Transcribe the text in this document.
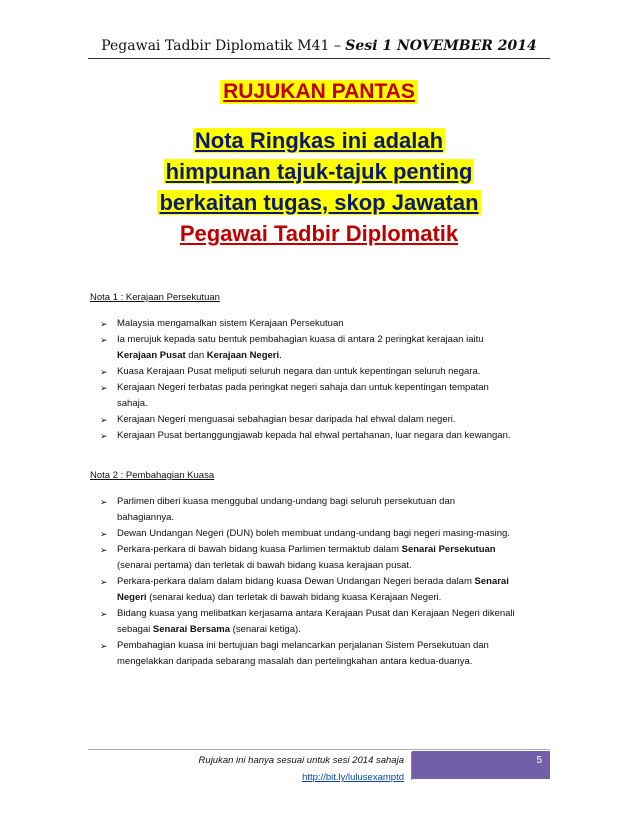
Pegawai Tadbir Diplomatik M41 – Sesi 1 NOVEMBER 2014
RUJUKAN PANTAS
Nota Ringkas ini adalah
himpunan tajuk-tajuk penting
berkaitan tugas, skop Jawatan
Pegawai Tadbir Diplomatik
Nota 1 : Kerajaan Persekutuan
➢ Malaysia mengamalkan sistem Kerajaan Persekutuan
➢ Ia merujuk kepada satu bentuk pembahagian kuasa di antara 2 peringkat kerajaan iaitu
Kerajaan Pusat dan Kerajaan Negeri.
➢ Kuasa Kerajaan Pusat meliputi seluruh negara dan untuk kepentingan seluruh negara.
➢ Kerajaan Negeri terbatas pada peringkat negeri sahaja dan untuk kepentingan tempatan
sahaja.
➢ Kerajaan Negeri menguasai sebahagian besar daripada hal ehwal dalam negeri.
➢ Kerajaan Pusat bertanggungjawab kepada hal ehwal pertahanan, luar negara dan kewangan.
Nota 2 : Pembahagian Kuasa
➢ Parlimen diberi kuasa menggubal undang-undang bagi seluruh persekutuan dan
bahagiannya.
➢ Dewan Undangan Negeri (DUN) boleh membuat undang-undang bagi negeri masing-masing.
➢ Perkara-perkara di bawah bidang kuasa Parlimen termaktub dalam Senarai Persekutuan
(senarai pertama) dan terletak di bawah bidang kuasa kerajaan pusat.
➢ Perkara-perkara dalam dalam bidang kuasa Dewan Undangan Negeri berada dalam Senarai
Negeri (senarai kedua) dan terletak di bawah bidang kuasa Kerajaan Negeri.
➢ Bidang kuasa yang melibatkan kerjasama antara Kerajaan Pusat dan Kerajaan Negeri dikenali
sebagai Senarai Bersama (senarai ketiga).
➢ Pembahagian kuasa ini bertujuan bagi melancarkan perjalanan Sistem Persekutuan dan
mengelakkan daripada sebarang masalah dan pertelingkahan antara kedua-duanya.
Rujukan ini hanya sesuai untuk sesi 2014 sahaja
http://bit.ly/lulusexamptd
5
